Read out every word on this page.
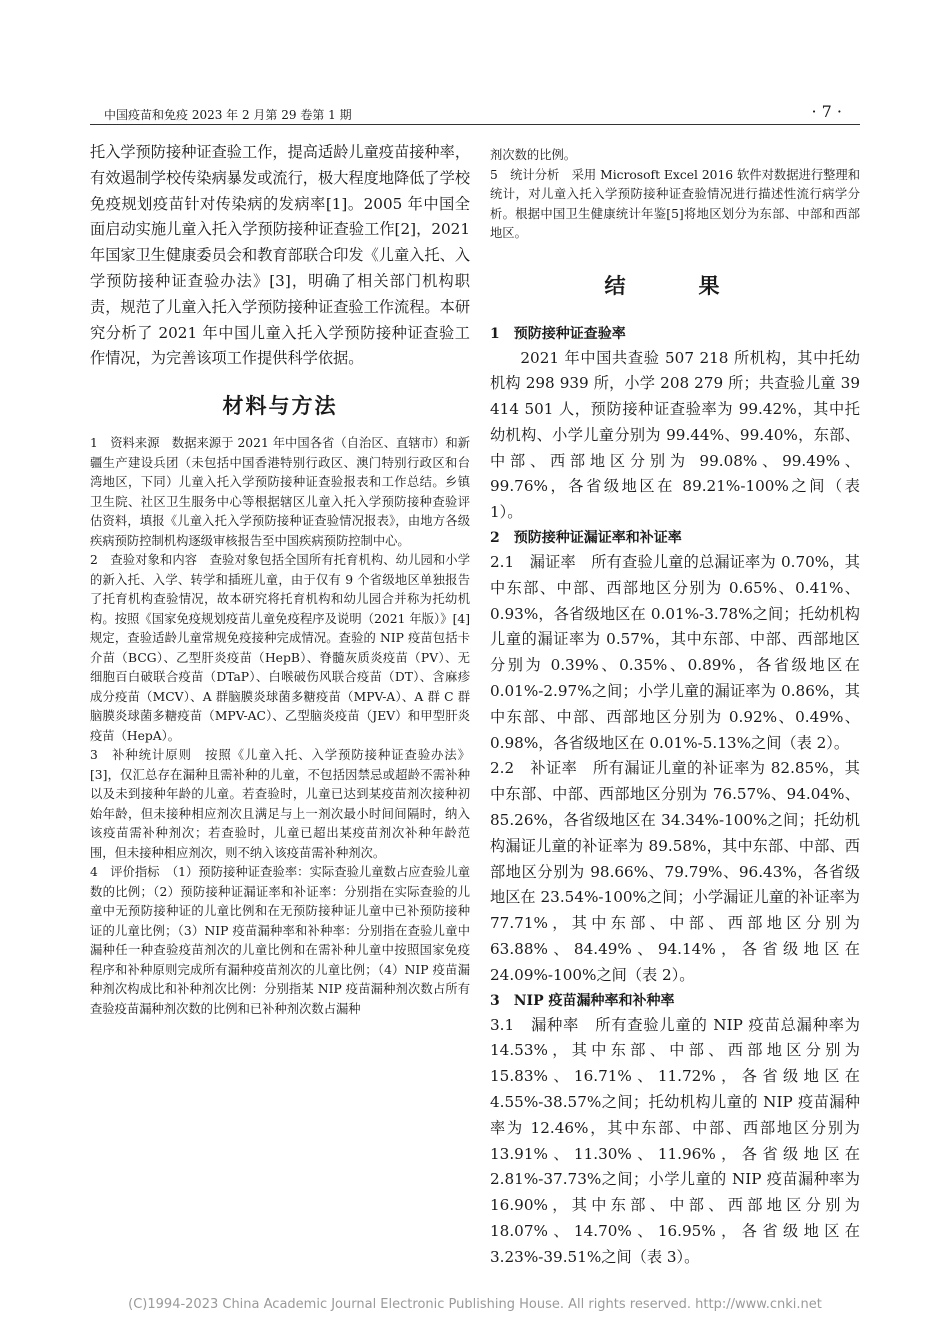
中国疫苗和免疫 2023 年 2 月第 29 卷第 1 期	· 7 ·

托入学预防接种证查验工作，提高适龄儿童疫苗接种率，有效遏制学校传染病暴发或流行，极大程度地降低了学校免疫规划疫苗针对传染病的发病率[1]。2005 年中国全面启动实施儿童入托入学预防接种证查验工作[2]，2021 年国家卫生健康委员会和教育部联合印发《儿童入托、入学预防接种证查验办法》[3]，明确了相关部门机构职责，规范了儿童入托入学预防接种证查验工作流程。本研究分析了 2021 年中国儿童入托入学预防接种证查验工作情况，为完善该项工作提供科学依据。

材料与方法

1　资料来源　数据来源于 2021 年中国各省（自治区、直辖市）和新疆生产建设兵团（未包括中国香港特别行政区、澳门特别行政区和台湾地区，下同）儿童入托入学预防接种证查验报表和工作总结。乡镇卫生院、社区卫生服务中心等根据辖区儿童入托入学预防接种查验评估资料，填报《儿童入托入学预防接种证查验情况报表》，由地方各级疾病预防控制机构逐级审核报告至中国疾病预防控制中心。

2　查验对象和内容　查验对象包括全国所有托育机构、幼儿园和小学的新入托、入学、转学和插班儿童，由于仅有 9 个省级地区单独报告了托育机构查验情况，故本研究将托育机构和幼儿园合并称为托幼机构。按照《国家免疫规划疫苗儿童免疫程序及说明（2021 年版）》[4]规定，查验适龄儿童常规免疫接种完成情况。查验的 NIP 疫苗包括卡介苗（BCG）、乙型肝炎疫苗（HepB）、脊髓灰质炎疫苗（PV）、无细胞百白破联合疫苗（DTaP）、白喉破伤风联合疫苗（DT）、含麻疹成分疫苗（MCV）、A 群脑膜炎球菌多糖疫苗（MPV-A）、A 群 C 群脑膜炎球菌多糖疫苗（MPV-AC）、乙型脑炎疫苗（JEV）和甲型肝炎疫苗（HepA）。

3　补种统计原则　按照《儿童入托、入学预防接种证查验办法》[3]，仅汇总存在漏种且需补种的儿童，不包括因禁忌或超龄不需补种以及未到接种年龄的儿童。若查验时，儿童已达到某疫苗剂次接种初始年龄，但未接种相应剂次且满足与上一剂次最小时间间隔时，纳入该疫苗需补种剂次；若查验时，儿童已超出某疫苗剂次补种年龄范围，但未接种相应剂次，则不纳入该疫苗需补种剂次。

4　评价指标　（1）预防接种证查验率：实际查验儿童数占应查验儿童数的比例；（2）预防接种证漏证率和补证率：分别指在实际查验的儿童中无预防接种证的儿童比例和在无预防接种证儿童中已补预防接种证的儿童比例；（3）NIP 疫苗漏种率和补种率：分别指在查验儿童中漏种任一种查验疫苗剂次的儿童比例和在需补种儿童中按照国家免疫程序和补种原则完成所有漏种疫苗剂次的儿童比例；（4）NIP 疫苗漏种剂次构成比和补种剂次比例：分别指某 NIP 疫苗漏种剂次数占所有查验疫苗漏种剂次数的比例和已补种剂次数占漏种

剂次数的比例。

5　统计分析　采用 Microsoft Excel 2016 软件对数据进行整理和统计，对儿童入托入学预防接种证查验情况进行描述性流行病学分析。根据中国卫生健康统计年鉴[5]将地区划分为东部、中部和西部地区。

结　果

1　预防接种证查验率

2021 年中国共查验 507 218 所机构，其中托幼机构 298 939 所，小学 208 279 所；共查验儿童 39 414 501 人，预防接种证查验率为 99.42%，其中托幼机构、小学儿童分别为 99.44%、99.40%，东部、中部、西部地区分别为 99.08%、99.49%、99.76%，各省级地区在 89.21%-100%之间（表 1）。

2　预防接种证漏证率和补证率

2.1　漏证率　所有查验儿童的总漏证率为 0.70%，其中东部、中部、西部地区分别为 0.65%、0.41%、0.93%，各省级地区在 0.01%-3.78%之间；托幼机构儿童的漏证率为 0.57%，其中东部、中部、西部地区分别为 0.39%、0.35%、0.89%，各省级地区在 0.01%-2.97%之间；小学儿童的漏证率为 0.86%，其中东部、中部、西部地区分别为 0.92%、0.49%、0.98%，各省级地区在 0.01%-5.13%之间（表 2）。

2.2　补证率　所有漏证儿童的补证率为 82.85%，其中东部、中部、西部地区分别为 76.57%、94.04%、85.26%，各省级地区在 34.34%-100%之间；托幼机构漏证儿童的补证率为 89.58%，其中东部、中部、西部地区分别为 98.66%、79.79%、96.43%，各省级地区在 23.54%-100%之间；小学漏证儿童的补证率为 77.71%，其中东部、中部、西部地区分别为 63.88%、84.49%、94.14%，各省级地区在 24.09%-100%之间（表 2）。

3　NIP 疫苗漏种率和补种率

3.1　漏种率　所有查验儿童的 NIP 疫苗总漏种率为 14.53%，其中东部、中部、西部地区分别为 15.83%、16.71%、11.72%，各省级地区在 4.55%-38.57%之间；托幼机构儿童的 NIP 疫苗漏种率为 12.46%，其中东部、中部、西部地区分别为 13.91%、11.30%、11.96%，各省级地区在 2.81%-37.73%之间；小学儿童的 NIP 疫苗漏种率为 16.90%，其中东部、中部、西部地区分别为 18.07%、14.70%、16.95%，各省级地区在 3.23%-39.51%之间（表 3）。

(C)1994-2023 China Academic Journal Electronic Publishing House. All rights reserved. http://www.cnki.net
